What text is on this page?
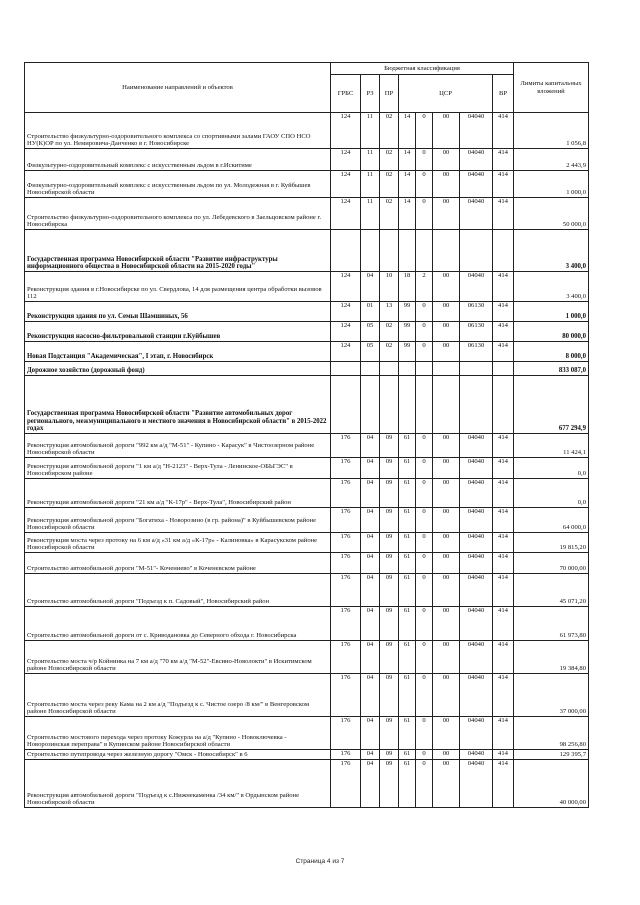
Наименование направлений и объектов	Бюджетная классификация								Лимиты капитальных вложений
	ГРБС	РЗ	ПР	ЦСР				ВР	
Строительство физкультурно-оздоровительного комплекса со спортивными залами ГАОУ СПО НСО НУ(К)ОР по ул. Немировича-Данченко в г. Новосибирске	124	11	02	14	0	00	04040	414	1 056,8
Физкультурно-оздоровительный комплекс с искусственным льдом в г.Искитиме	124	11	02	14	0	00	04040	414	2 443,9
Физкультурно-оздоровительный комплекс с искусственным льдом по ул. Молодежная в г. Куйбышев Новосибирской области	124	11	02	14	0	00	04040	414	1 000,0
Строительство физкультурно-оздоровительного комплекса по ул. Лебедевского в Заельцовском районе г. Новосибирска	124	11	02	14	0	00	04040	414	50 000,0
Государственная программа Новосибирской области "Развитие инфраструктуры информационного общества в Новосибирской области на 2015-2020 годы"									3 400,0
Реконструкция здания в г.Новосибирске по ул. Свердлова, 14 для размещения центра обработки вызовов 112	124	04	10	18	2	00	04040	414	3 400,0
Реконструкция здания по ул. Семьи Шамшиных, 56	124	01	13	99	0	00	06130	414	1 000,0
Реконструкция насосно-фильтровальной станции г.Куйбышев	124	05	02	99	0	00	06130	414	80 000,0
Новая Подстанция "Академическая", I этап, г. Новосибирск	124	05	02	99	0	00	06130	414	8 000,0
Дорожное хозяйство (дорожный фонд)									833 087,0
Государственная программа Новосибирской области "Развитие автомобильных дорог регионального, межмуниципального и местного значения в Новосибирской области" в 2015-2022 годах									677 294,9
Реконструкция автомобильной дороги "992 км а/д "М-51" - Купино - Карасук" в Чистоозерном районе Новосибирской области	176	04	09	61	0	00	04040	414	11 424,1
Реконструкция автомобильной дороги "1 км а/д "Н-2123" - Верх-Тула - Ленинское-ОБЬГЭС" в Новосибирском районе	176	04	09	61	0	00	04040	414	0,0
Реконструкция автомобильной дороги "21 км а/д "К-17р" - Верх-Тула", Новосибирский район	176	04	09	61	0	00	04040	414	0,0
Реконструкция автомобильной дороги "Богатиха - Новорозино (в гр. района)" в Куйбышевском районе Новосибирской области	176	04	09	61	0	00	04040	414	64 000,0
Реконструкция моста через протоку на 6 км а/д «31 км а/д «К-17р» - Калиновка» в Карасукском районе Новосибирской области	176	04	09	61	0	00	04040	414	19 815,20
Строительство автомобильной дороги "М-51"- Кочениево" в Коченевском районе	176	04	09	61	0	00	04040	414	70 000,00
Строительство автомобильной дороги "Подъезд к п. Садовый", Новосибирский район	176	04	09	61	0	00	04040	414	45 071,20
Строительство автомобильной дороги от с. Криводановка до Северного обхода г. Новосибирска	176	04	09	61	0	00	04040	414	61 973,80
Строительство моста ч/р Койнинка на 7 км а/д "70 км а/д "М-52"-Евсино-Новолокти" в Искитимском районе Новосибирской области	176	04	09	61	0	00	04040	414	19 384,80
Строительство моста через реку Кама на 2 км а/д "Подъезд к с. Чистое озеро /8 км/" в Венгеровском районе Новосибирской области	176	04	09	61	0	00	04040	414	37 000,00
Строительство мостового перехода через протоку Кожурла на а/д "Купино - Новоключевка - Новорозинская переправа" в Купинском районе Новосибирской области	176	04	09	61	0	00	04040	414	98 256,80
Строительство путепровода через железную дорогу "Омск - Новосибирск" в 6	176	04	09	61	0	00	04040	414	129 395,7
Реконструкция автомобильной дороги "Подъезд к с.Нижнекаменка /34 км/" в Ордынском районе Новосибирской области	176	04	09	61	0	00	04040	414	40 000,00
Страница 4 из 7
